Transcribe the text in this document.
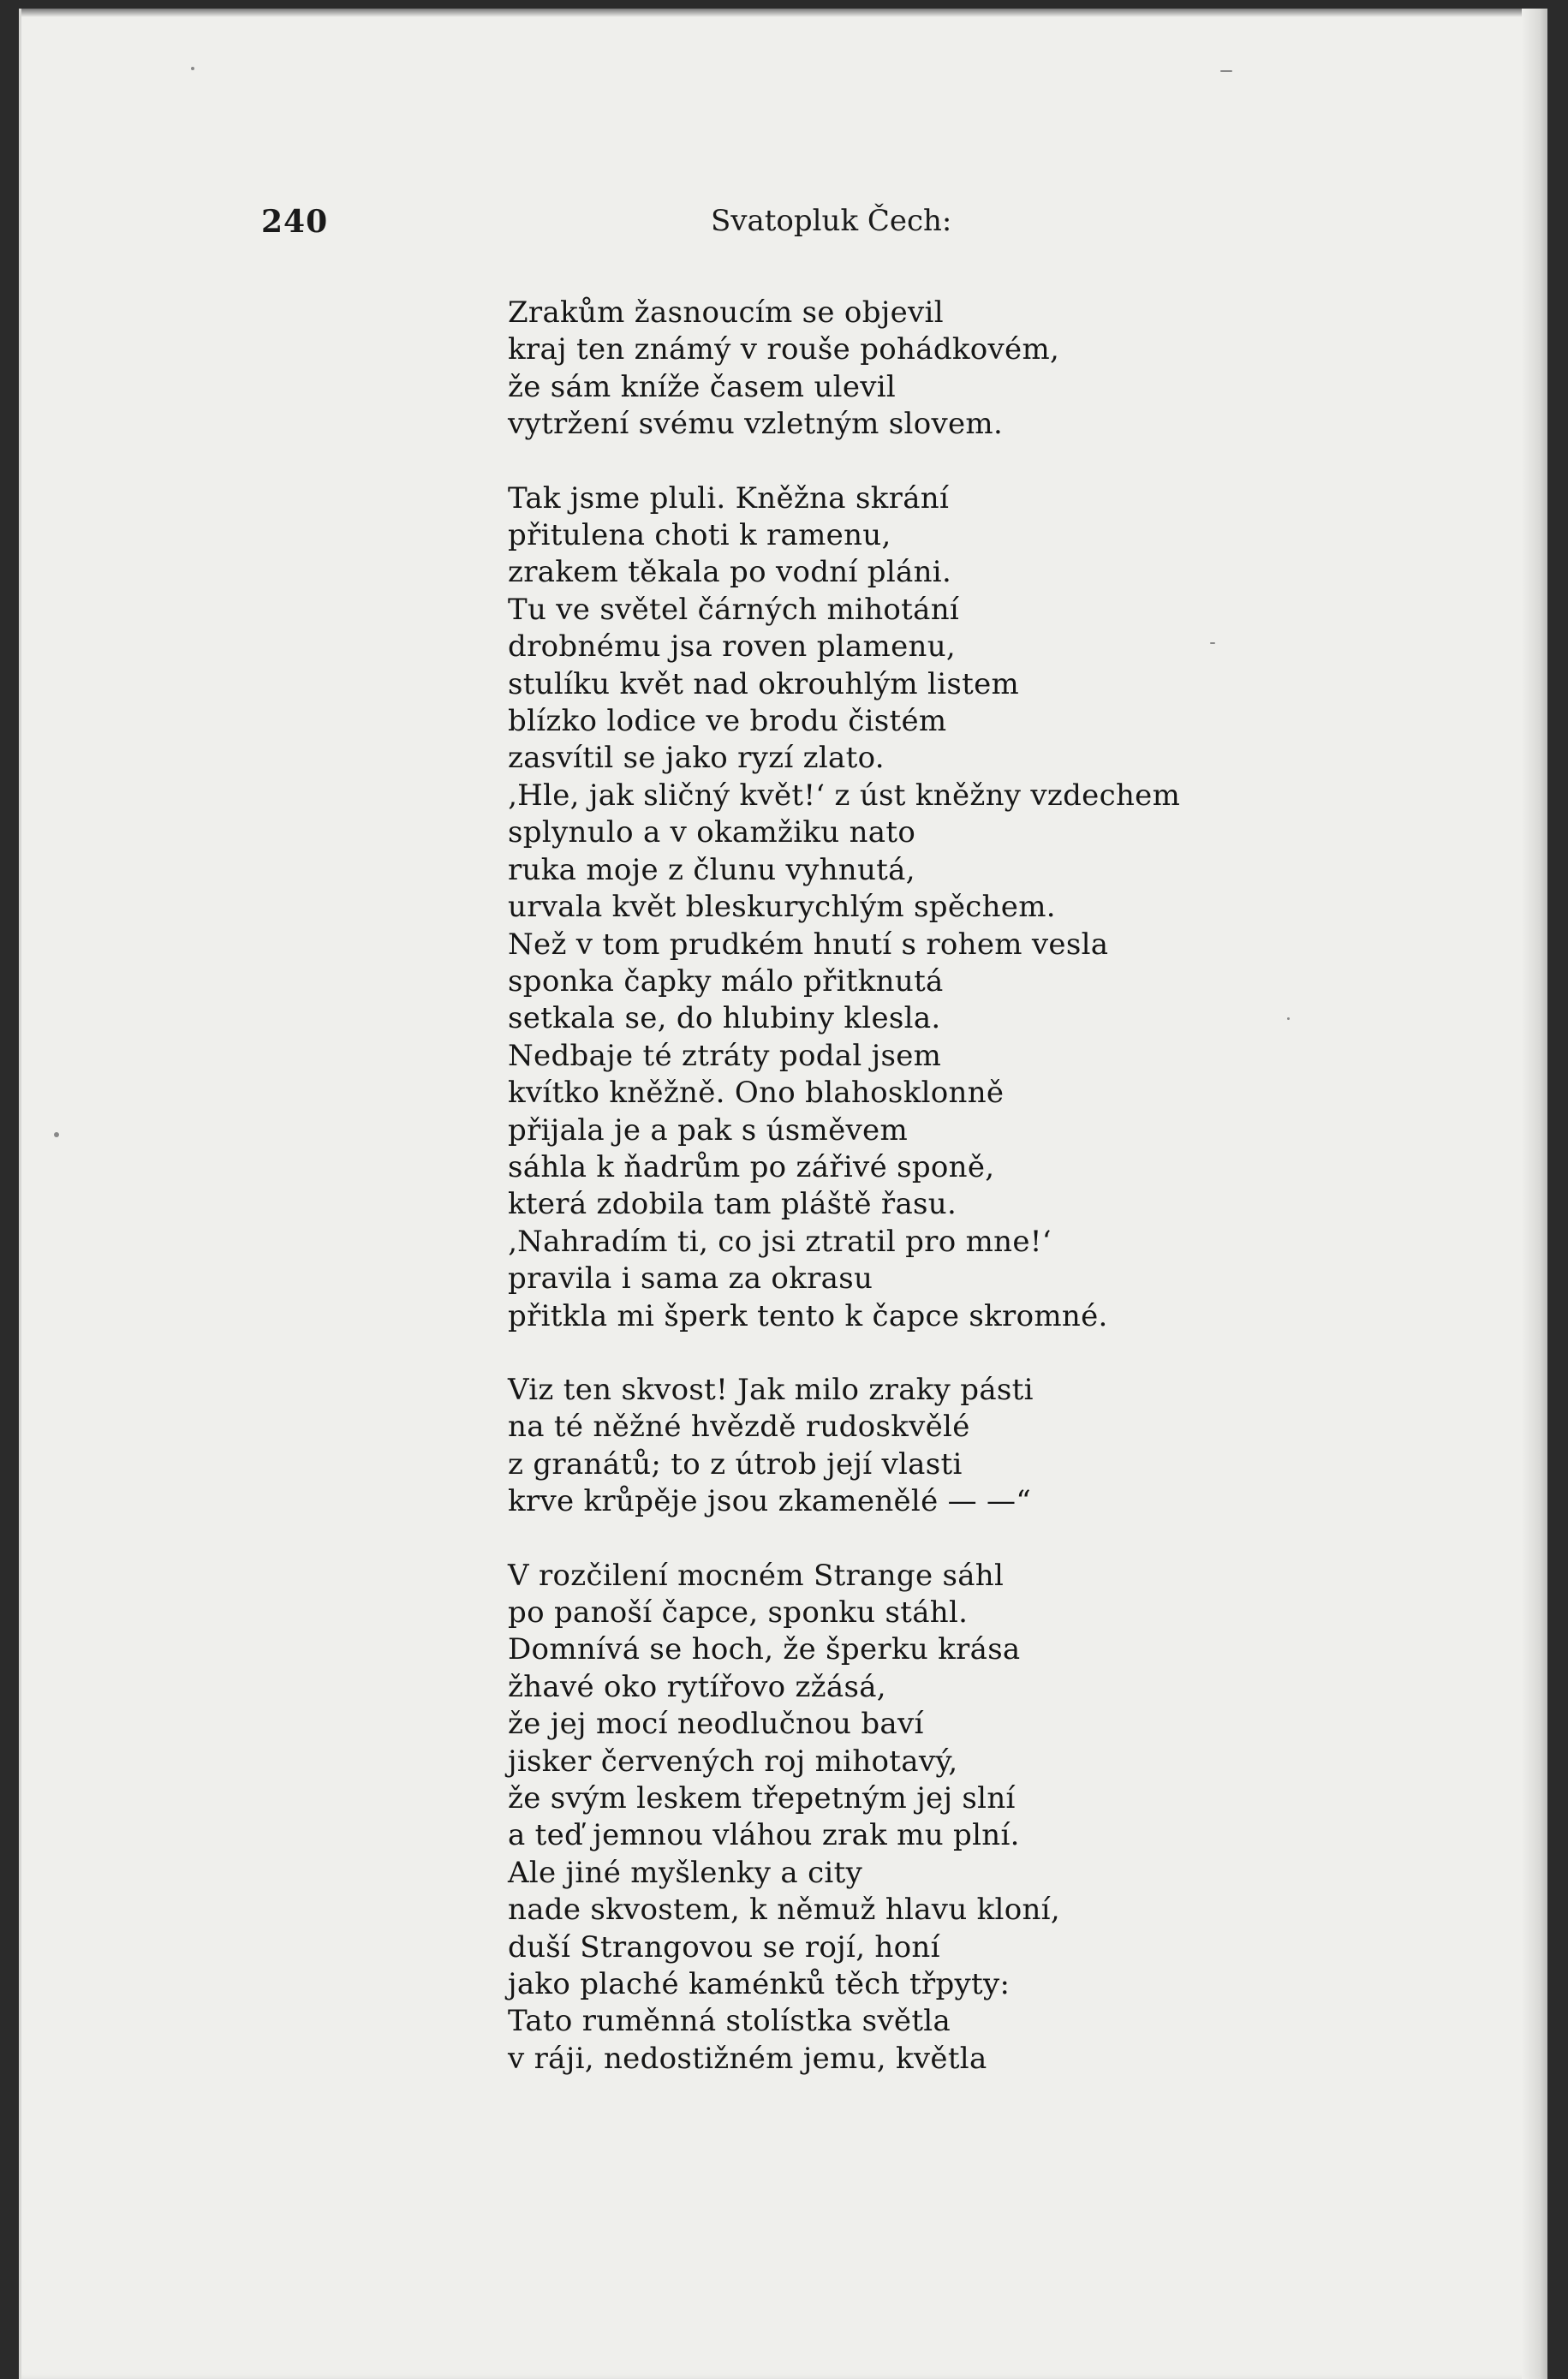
240	Svatopluk Čech:
Zrakům žasnoucím se objevil
kraj ten známý v rouše pohádkovém,
že sám kníže časem ulevil
vytržení svému vzletným slovem.
Tak jsme pluli. Kněžna skrání
přitulena choti k ramenu,
zrakem těkala po vodní pláni.
Tu ve světel čárných mihotání
drobnému jsa roven plamenu,
stulíku květ nad okrouhlým listem
blízko lodice ve brodu čistém
zasvítil se jako ryzí zlato.
‚Hle, jak sličný květ!‘ z úst kněžny vzdechem
splynulo a v okamžiku nato
ruka moje z člunu vyhnutá,
urvala květ bleskurychlým spěchem.
Než v tom prudkém hnutí s rohem vesla
sponka čapky málo přitknutá
setkala se, do hlubiny klesla.
Nedbaje té ztráty podal jsem
kvítko kněžně. Ono blahosklonně
přijala je a pak s úsměvem
sáhla k ňadrům po zářivé sponě,
která zdobila tam pláště řasu.
‚Nahradím ti, co jsi ztratil pro mne!‘
pravila i sama za okrasu
přitkla mi šperk tento k čapce skromné.
Viz ten skvost! Jak milo zraky pásti
na té něžné hvězdě rudoskvělé
z granátů; to z útrob její vlasti
krve krůpěje jsou zkamenělé — —“
V rozčilení mocném Strange sáhl
po panoší čapce, sponku stáhl.
Domnívá se hoch, že šperku krása
žhavé oko rytířovo zžásá,
že jej mocí neodlučnou baví
jisker červených roj mihotavý,
že svým leskem třepetným jej slní
a teď jemnou vláhou zrak mu plní.
Ale jiné myšlenky a city
nade skvostem, k němuž hlavu kloní,
duší Strangovou se rojí, honí
jako plaché kaménků těch třpyty:
Tato ruměnná stolístka světla
v ráji, nedostižném jemu, květla
